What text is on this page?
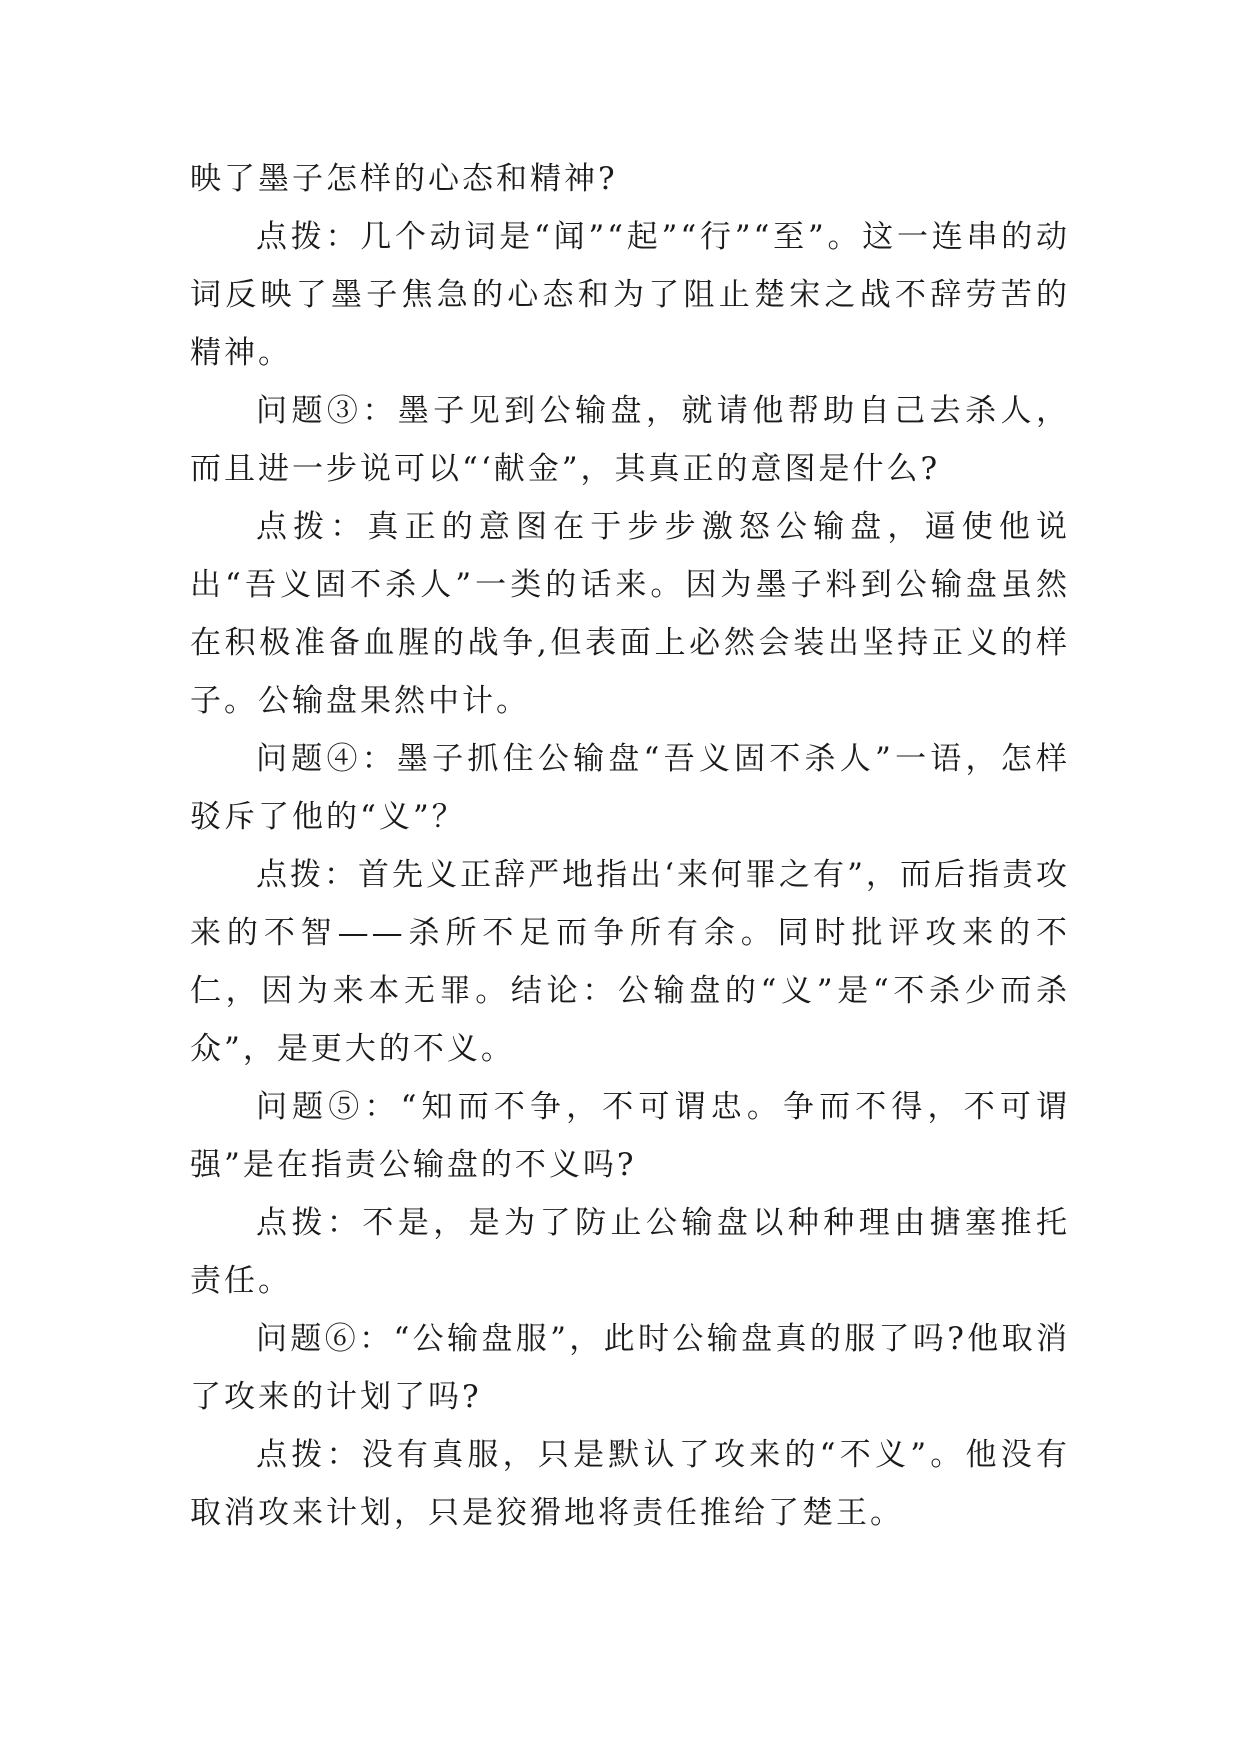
映了墨子怎样的心态和精神?

点拨：几个动词是“闻”“起”“行”“至”。这一连串的动词反映了墨子焦急的心态和为了阻止楚宋之战不辞劳苦的精神。

问题③：墨子见到公输盘，就请他帮助自己去杀人，而且进一步说可以“‘献金”，其真正的意图是什么?

点拨：真正的意图在于步步激怒公输盘，逼使他说出“吾义固不杀人”一类的话来。因为墨子料到公输盘虽然在积极准备血腥的战争,但表面上必然会装出坚持正义的样子。公输盘果然中计。

问题④：墨子抓住公输盘“吾义固不杀人”一语，怎样驳斥了他的“义”？

点拨：首先义正辞严地指出‘来何罪之有”，而后指责攻来的不智——杀所不足而争所有余。同时批评攻来的不仁，因为来本无罪。结论：公输盘的“义”是“不杀少而杀众”，是更大的不义。

问题⑤：“知而不争，不可谓忠。争而不得，不可谓强”是在指责公输盘的不义吗?

点拨：不是，是为了防止公输盘以种种理由搪塞推托责任。

问题⑥：“公输盘服”，此时公输盘真的服了吗?他取消了攻来的计划了吗?

点拨：没有真服，只是默认了攻来的“不义”。他没有取消攻来计划，只是狡猾地将责任推给了楚王。
